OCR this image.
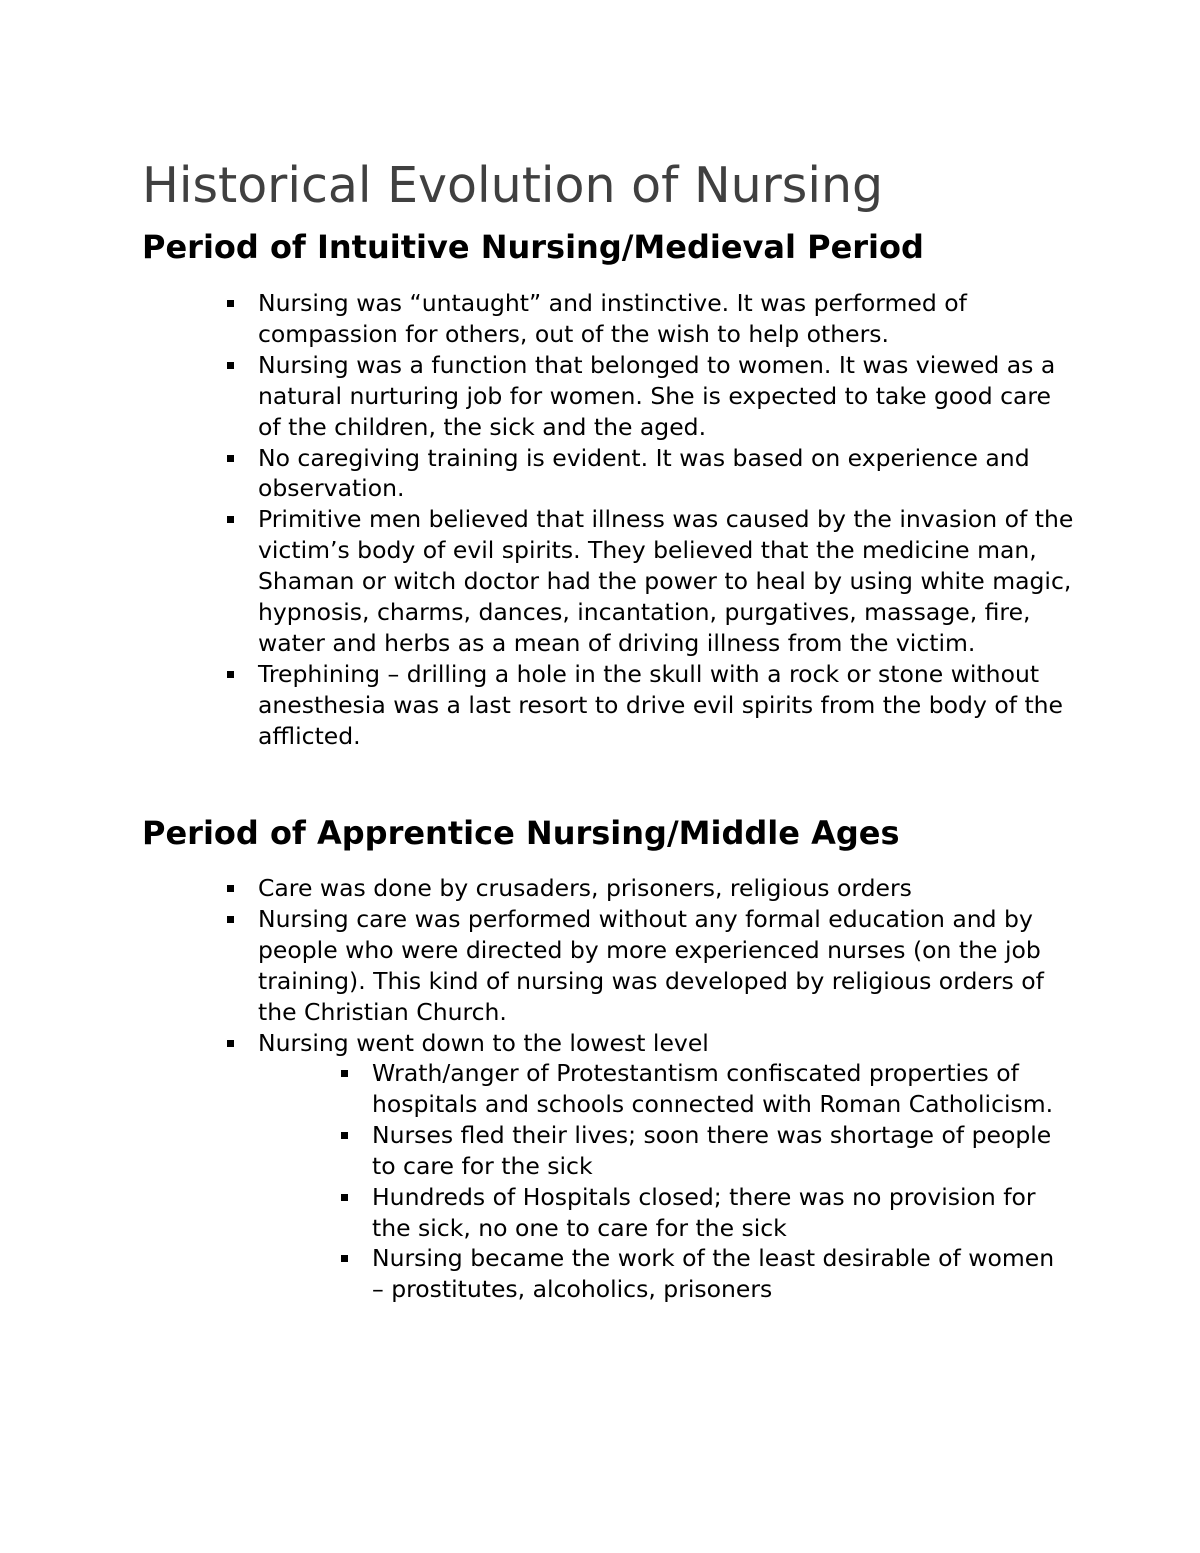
Historical Evolution of Nursing
Period of Intuitive Nursing/Medieval Period
Nursing was “untaught” and instinctive. It was performed of compassion for others, out of the wish to help others.
Nursing was a function that belonged to women. It was viewed as a natural nurturing job for women. She is expected to take good care of the children, the sick and the aged.
No caregiving training is evident. It was based on experience and observation.
Primitive men believed that illness was caused by the invasion of the victim’s body of evil spirits. They believed that the medicine man, Shaman or witch doctor had the power to heal by using white magic, hypnosis, charms, dances, incantation, purgatives, massage, fire, water and herbs as a mean of driving illness from the victim.
Trephining – drilling a hole in the skull with a rock or stone without anesthesia was a last resort to drive evil spirits from the body of the afflicted.
Period of Apprentice Nursing/Middle Ages
Care was done by crusaders, prisoners, religious orders
Nursing care was performed without any formal education and by people who were directed by more experienced nurses (on the job training). This kind of nursing was developed by religious orders of the Christian Church.
Nursing went down to the lowest level
Wrath/anger of Protestantism confiscated properties of hospitals and schools connected with Roman Catholicism.
Nurses fled their lives; soon there was shortage of people to care for the sick
Hundreds of Hospitals closed; there was no provision for the sick, no one to care for the sick
Nursing became the work of the least desirable of women – prostitutes, alcoholics, prisoners
